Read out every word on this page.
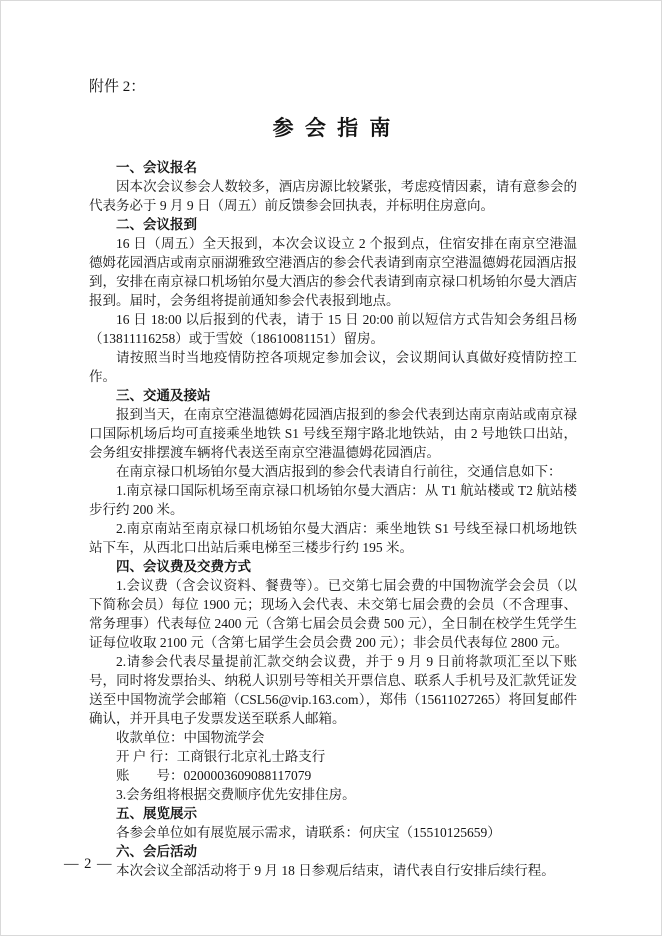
附件 2：
参 会 指 南

一、会议报名

因本次会议参会人数较多，酒店房源比较紧张，考虑疫情因素，请有意参会的代表务必于 9 月 9 日（周五）前反馈参会回执表，并标明住房意向。

二、会议报到

16 日（周五）全天报到，本次会议设立 2 个报到点，住宿安排在南京空港温德姆花园酒店或南京丽湖雅致空港酒店的参会代表请到南京空港温德姆花园酒店报到，安排在南京禄口机场铂尔曼大酒店的参会代表请到南京禄口机场铂尔曼大酒店报到。届时，会务组将提前通知参会代表报到地点。

16 日 18:00 以后报到的代表，请于 15 日 20:00 前以短信方式告知会务组吕杨（13811116258）或于雪姣（18610081151）留房。

请按照当时当地疫情防控各项规定参加会议，会议期间认真做好疫情防控工作。

三、交通及接站

报到当天，在南京空港温德姆花园酒店报到的参会代表到达南京南站或南京禄口国际机场后均可直接乘坐地铁 S1 号线至翔宇路北地铁站，由 2 号地铁口出站，会务组安排摆渡车辆将代表送至南京空港温德姆花园酒店。

在南京禄口机场铂尔曼大酒店报到的参会代表请自行前往，交通信息如下：

1.南京禄口国际机场至南京禄口机场铂尔曼大酒店：从 T1 航站楼或 T2 航站楼步行约 200 米。

2.南京南站至南京禄口机场铂尔曼大酒店：乘坐地铁 S1 号线至禄口机场地铁站下车，从西北口出站后乘电梯至三楼步行约 195 米。

四、会议费及交费方式

1.会议费（含会议资料、餐费等）。已交第七届会费的中国物流学会会员（以下简称会员）每位 1900 元；现场入会代表、未交第七届会费的会员（不含理事、常务理事）代表每位 2400 元（含第七届会员会费 500 元），全日制在校学生凭学生证每位收取 2100 元（含第七届学生会员会费 200 元）；非会员代表每位 2800 元。

2.请参会代表尽量提前汇款交纳会议费，并于 9 月 9 日前将款项汇至以下账号，同时将发票抬头、纳税人识别号等相关开票信息、联系人手机号及汇款凭证发送至中国物流学会邮箱（CSL56@vip.163.com），郑伟（15611027265）将回复邮件确认，并开具电子发票发送至联系人邮箱。

收款单位：中国物流学会

开 户 行：工商银行北京礼士路支行

账　　号：0200003609088117079

3.会务组将根据交费顺序优先安排住房。

五、展览展示

各参会单位如有展览展示需求，请联系：何庆宝（15510125659）

六、会后活动

本次会议全部活动将于 9 月 18 日参观后结束，请代表自行安排后续行程。

— 2 —
